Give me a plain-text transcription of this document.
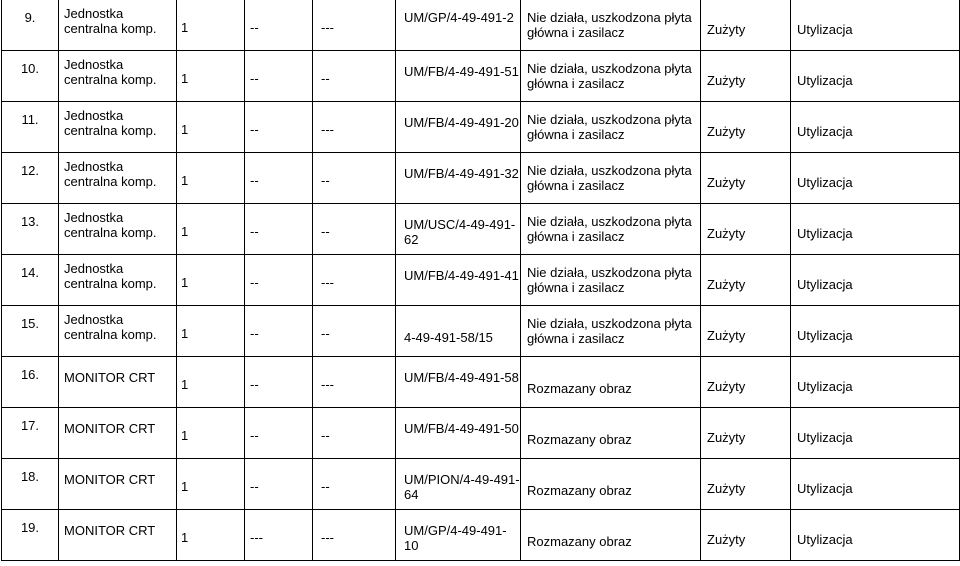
9.	Jednostka centralna komp.	1	--	---	UM/GP/4-49-491-2	Nie działa, uszkodzona płyta główna i zasilacz	Zużyty	Utylizacja

10.	Jednostka centralna komp.	1	--	--	UM/FB/4-49-491-51	Nie działa, uszkodzona płyta główna i zasilacz	Zużyty	Utylizacja

11.	Jednostka centralna komp.	1	--	---	UM/FB/4-49-491-20	Nie działa, uszkodzona płyta główna i zasilacz	Zużyty	Utylizacja

12.	Jednostka centralna komp.	1	--	--	UM/FB/4-49-491-32	Nie działa, uszkodzona płyta główna i zasilacz	Zużyty	Utylizacja

13.	Jednostka centralna komp.	1	--	--	UM/USC/4-49-491-62	Nie działa, uszkodzona płyta główna i zasilacz	Zużyty	Utylizacja

14.	Jednostka centralna komp.	1	--	---	UM/FB/4-49-491-41	Nie działa, uszkodzona płyta główna i zasilacz	Zużyty	Utylizacja

15.	Jednostka centralna komp.	1	--	--	4-49-491-58/15	Nie działa, uszkodzona płyta główna i zasilacz	Zużyty	Utylizacja

16.	MONITOR CRT	1	--	---	UM/FB/4-49-491-58	Rozmazany obraz	Zużyty	Utylizacja

17.	MONITOR CRT	1	--	--	UM/FB/4-49-491-50	Rozmazany obraz	Zużyty	Utylizacja

18.	MONITOR CRT	1	--	--	UM/PION/4-49-491-64	Rozmazany obraz	Zużyty	Utylizacja

19.	MONITOR CRT	1	---	---	UM/GP/4-49-491-10	Rozmazany obraz	Zużyty	Utylizacja
